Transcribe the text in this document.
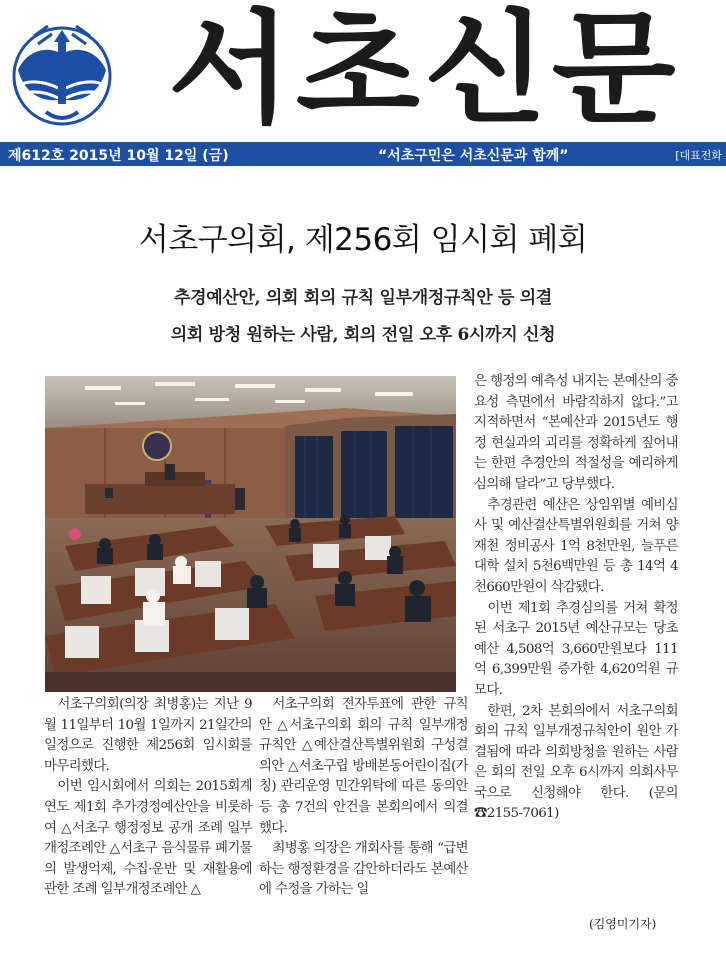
서초신문
제612호 2015년 10월 12일 (금)	“서초구민은 서초신문과 함께”	[대표전화
서초구의회, 제256회 임시회 폐회
추경예산안, 의회 회의 규칙 일부개정규칙안 등 의결
의회 방청 원하는 사람, 회의 전일 오후 6시까지 신청

서초구의회(의장 최병홍)는 지난 9월 11일부터 10월 1일까지 21일간의 일정으로 진행한 제256회 임시회를 마무리했다.

이번 임시회에서 의회는 2015회계연도 제1회 추가경정예산안을 비롯하여 △서초구 행정정보 공개 조례 일부개정조례안 △서초구 음식물류 폐기물의 발생억제, 수집·운반 및 재활용에 관한 조례 일부개정조례안 △

서초구의회 전자투표에 관한 규칙안 △서초구의회 회의 규칙 일부개정규칙안 △예산결산특별위원회 구성결의안 △서초구립 방배본동어린이집(가칭) 관리운영 민간위탁에 따른 동의안 등 총 7건의 안건을 본회의에서 의결했다.

최병홍 의장은 개회사를 통해 “급변하는 행정환경을 감안하더라도 본예산에 수정을 가하는 일

은 행정의 예측성 내지는 본예산의 중요성 측면에서 바람직하지 않다.”고 지적하면서 “본예산과 2015년도 행정 현실과의 괴리를 정확하게 짚어내는 한편 추경안의 적절성을 예리하게 심의해 달라”고 당부했다.

추경관련 예산은 상임위별 예비심사 및 예산결산특별위원회를 거쳐 양재천 정비공사 1억 8천만원, 늘푸른대학 설치 5천6백만원 등 총 14억 4천660만원이 삭감됐다.

이번 제1회 추경심의를 거쳐 확정된 서초구 2015년 예산규모는 당초 예산 4,508억 3,660만원보다 111억 6,399만원 증가한 4,620억원 규모다.

한편, 2차 본회의에서 서초구의회 회의 규칙 일부개정규칙안이 원안 가결됨에 따라 의회방청을 원하는 사람은 회의 전일 오후 6시까지 의회사무국으로 신청해야 한다. (문의 ☎2155-7061)

(김영미기자)
